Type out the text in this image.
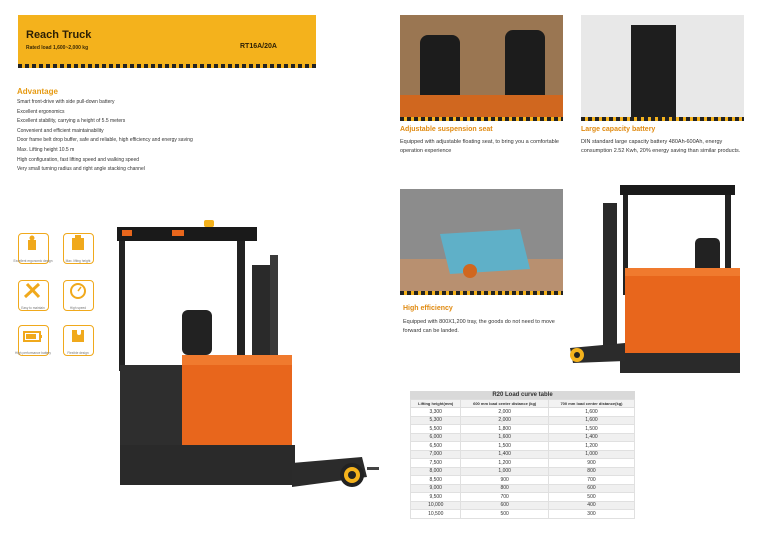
Reach Truck
Rated load 1,600~2,000 kg	RT16A/20A
Advantage
Smart front-drive with side pull-down battery
Excellent ergonomics
Excellent stability, carrying a height of 5.5 meters
Convenient and efficient maintainability
Door frame belt drop buffer, safe and reliable, high efficiency and energy saving
Max. Lifting height 10.5 m
High configuration, fast lifting speed and walking speed
Very small turning radius and right angle stacking channel
Excellent ergonomic design	Max. lifting height
Easy to maintain	High speed
High performance battery	Flexible design
Adjustable suspension seat
Equipped with adjustable floating seat, to bring you a comfortable operation experience
Large capacity battery
DIN standard large capacity battery 480Ah-600Ah, energy consumption 2.52 Kwh, 20% energy saving than similar products.
High efficiency
Equipped with 800X1,200 tray, the goods do not need to move forward can be landed.
R20 Load curve table
Lifting height(mm)	600 mm load center distance (kg)	700 mm load center distance(kg)
3,300	2,000	1,600
5,300	2,000	1,600
5,500	1,800	1,500
6,000	1,600	1,400
6,500	1,500	1,200
7,000	1,400	1,000
7,500	1,200	900
8,000	1,000	800
8,500	900	700
9,000	800	600
9,500	700	500
10,000	600	400
10,500	500	300
